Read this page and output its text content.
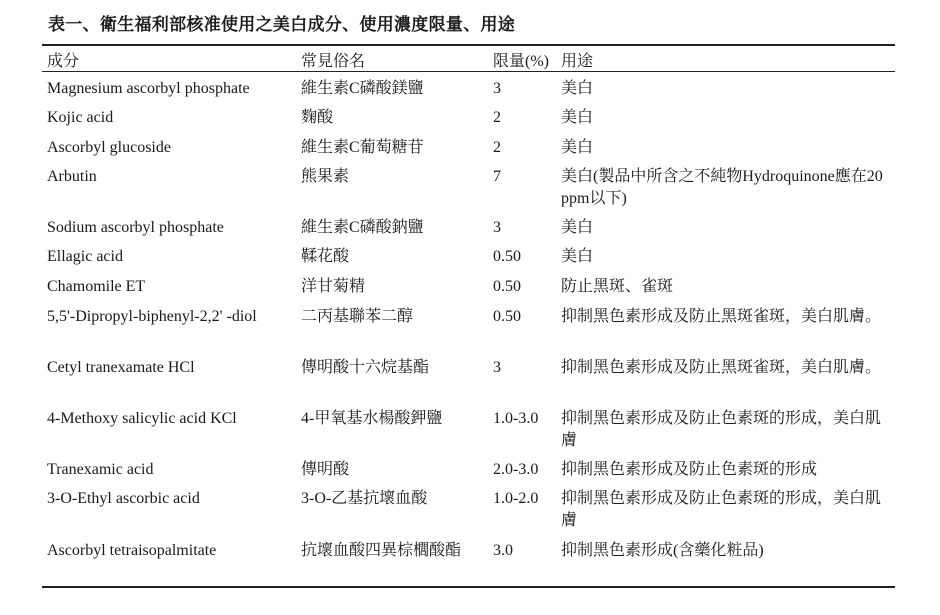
表一、衛生福利部核准使用之美白成分、使用濃度限量、用途
成分	常見俗名	限量(%) 用途
Magnesium ascorbyl phosphate	維生素C磷酸鎂鹽	3	美白
Kojic acid	麴酸	2	美白
Ascorbyl glucoside	維生素C葡萄糖苷	2	美白
Arbutin	熊果素	7	美白(製品中所含之不純物Hydroquinone應在20 ppm以下)
Sodium ascorbyl phosphate	維生素C磷酸鈉鹽	3	美白
Ellagic acid	鞣花酸	0.50	美白
Chamomile ET	洋甘菊精	0.50	防止黑斑、雀斑
5,5'-Dipropyl-biphenyl-2,2' -diol	二丙基聯苯二醇	0.50	抑制黑色素形成及防止黑斑雀斑，美白肌膚。
Cetyl tranexamate HCl	傳明酸十六烷基酯	3	抑制黑色素形成及防止黑斑雀斑，美白肌膚。
4-Methoxy salicylic acid KCl	4-甲氧基水楊酸鉀鹽	1.0-3.0 抑制黑色素形成及防止色素斑的形成，美白肌膚
Tranexamic acid	傳明酸	2.0-3.0 抑制黑色素形成及防止色素斑的形成
3-O-Ethyl ascorbic acid	3-O-乙基抗壞血酸	1.0-2.0 抑制黑色素形成及防止色素斑的形成，美白肌膚
Ascorbyl tetraisopalmitate	抗壞血酸四異棕櫚酸酯 3.0	抑制黑色素形成(含藥化粧品)
